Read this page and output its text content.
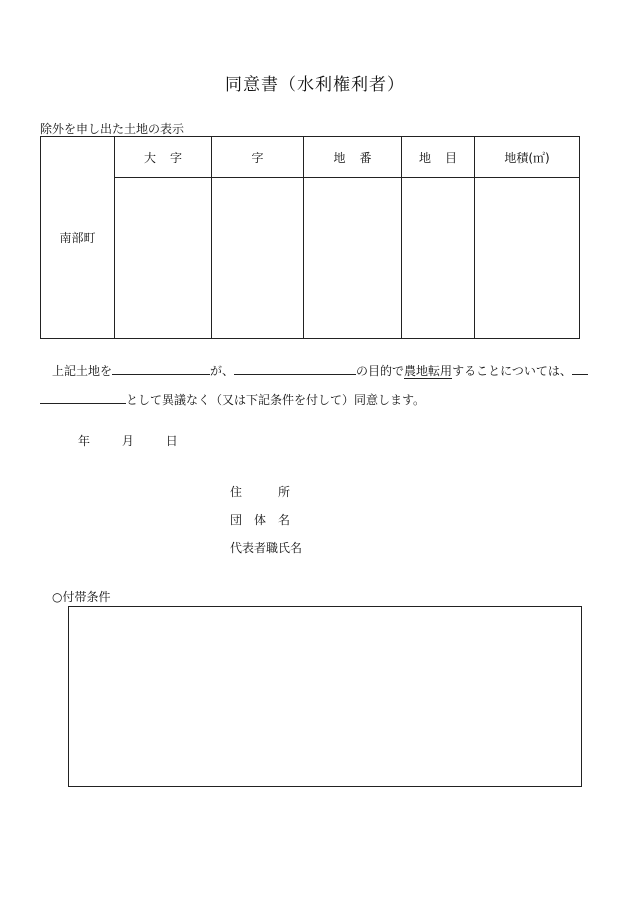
同意書（水利権利者）
除外を申し出た土地の表示
南部町	大字	字	地番	地目	地積(㎡)

上記土地を	が、	の目的で農地転用することについては、
として異議なく（又は下記条件を付して）同意します。
年	月	日
住　　　所
団　体　名
代表者職氏名
○付帯条件
